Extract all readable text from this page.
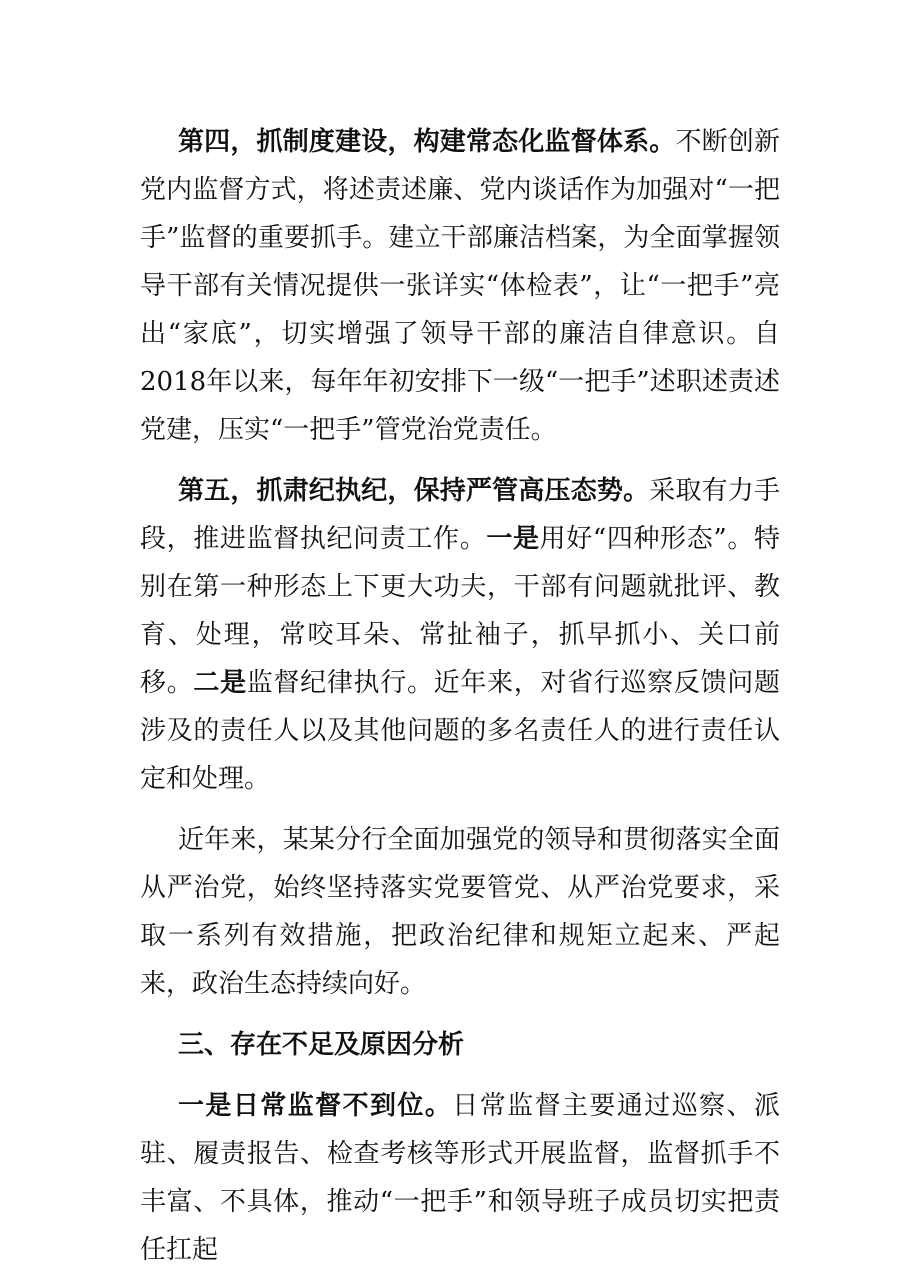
第四，抓制度建设，构建常态化监督体系。不断创新党内监督方式，将述责述廉、党内谈话作为加强对“一把手”监督的重要抓手。建立干部廉洁档案，为全面掌握领导干部有关情况提供一张详实“体检表”，让“一把手”亮出“家底”，切实增强了领导干部的廉洁自律意识。自2018年以来，每年年初安排下一级“一把手”述职述责述党建，压实“一把手”管党治党责任。

第五，抓肃纪执纪，保持严管高压态势。采取有力手段，推进监督执纪问责工作。一是用好“四种形态”。特别在第一种形态上下更大功夫，干部有问题就批评、教育、处理，常咬耳朵、常扯袖子，抓早抓小、关口前移。二是监督纪律执行。近年来，对省行巡察反馈问题涉及的责任人以及其他问题的多名责任人的进行责任认定和处理。

近年来，某某分行全面加强党的领导和贯彻落实全面从严治党，始终坚持落实党要管党、从严治党要求，采取一系列有效措施，把政治纪律和规矩立起来、严起来，政治生态持续向好。

三、存在不足及原因分析

一是日常监督不到位。日常监督主要通过巡察、派驻、履责报告、检查考核等形式开展监督，监督抓手不丰富、不具体，推动“一把手”和领导班子成员切实把责任扛起
